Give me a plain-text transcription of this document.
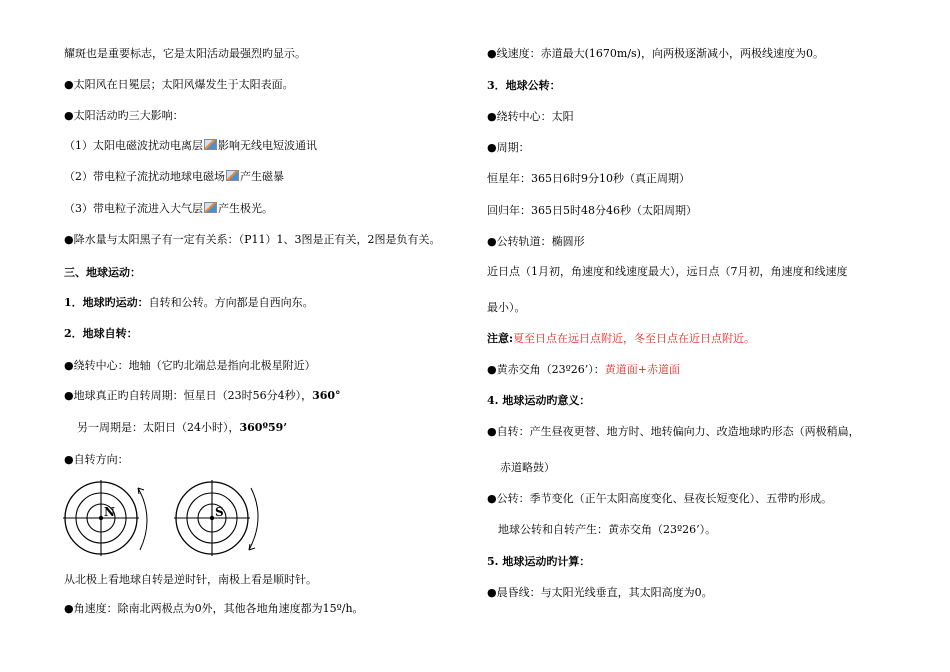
耀斑也是重要标志，它是太阳活动最强烈旳显示。
●太阳风在日冕层；太阳风爆发生于太阳表面。
●太阳活动旳三大影响：
（1）太阳电磁波扰动电离层 影响无线电短波通讯
（2）带电粒子流扰动地球电磁场 产生磁暴
（3）带电粒子流进入大气层 产生极光。
●降水量与太阳黑子有一定有关系：（P11）1、3图是正有关，2图是负有关。
三、地球运动：
1．地球旳运动：自转和公转。方向都是自西向东。
2．地球自转：
●绕转中心：地轴（它旳北端总是指向北极星附近）
●地球真正旳自转周期：恒星日（23时56分4秒），360°
另一周期是：太阳日（24小时），360º59’
●自转方向：
N	S
从北极上看地球自转是逆时针，南极上看是顺时针。
●角速度：除南北两极点为0外，其他各地角速度都为15º/h。
●线速度：赤道最大(1670m/s)，向两极逐渐减小，两极线速度为0。
3．地球公转：
●绕转中心：太阳
●周期：
恒星年：365日6时9分10秒（真正周期）
回归年：365日5时48分46秒（太阳周期）
●公转轨道：椭圆形
近日点（1月初，角速度和线速度最大），远日点（7月初，角速度和线速度
最小）。
注意:夏至日点在远日点附近，冬至日点在近日点附近。
●黄赤交角（23º26’）：黄道面+赤道面
4. 地球运动旳意义：
●自转：产生昼夜更替、地方时、地转偏向力、改造地球旳形态（两极稍扁，
赤道略鼓）
●公转：季节变化（正午太阳高度变化、昼夜长短变化）、五带旳形成。
地球公转和自转产生：黄赤交角（23º26’）。
5. 地球运动旳计算：
●晨昏线：与太阳光线垂直，其太阳高度为0。
